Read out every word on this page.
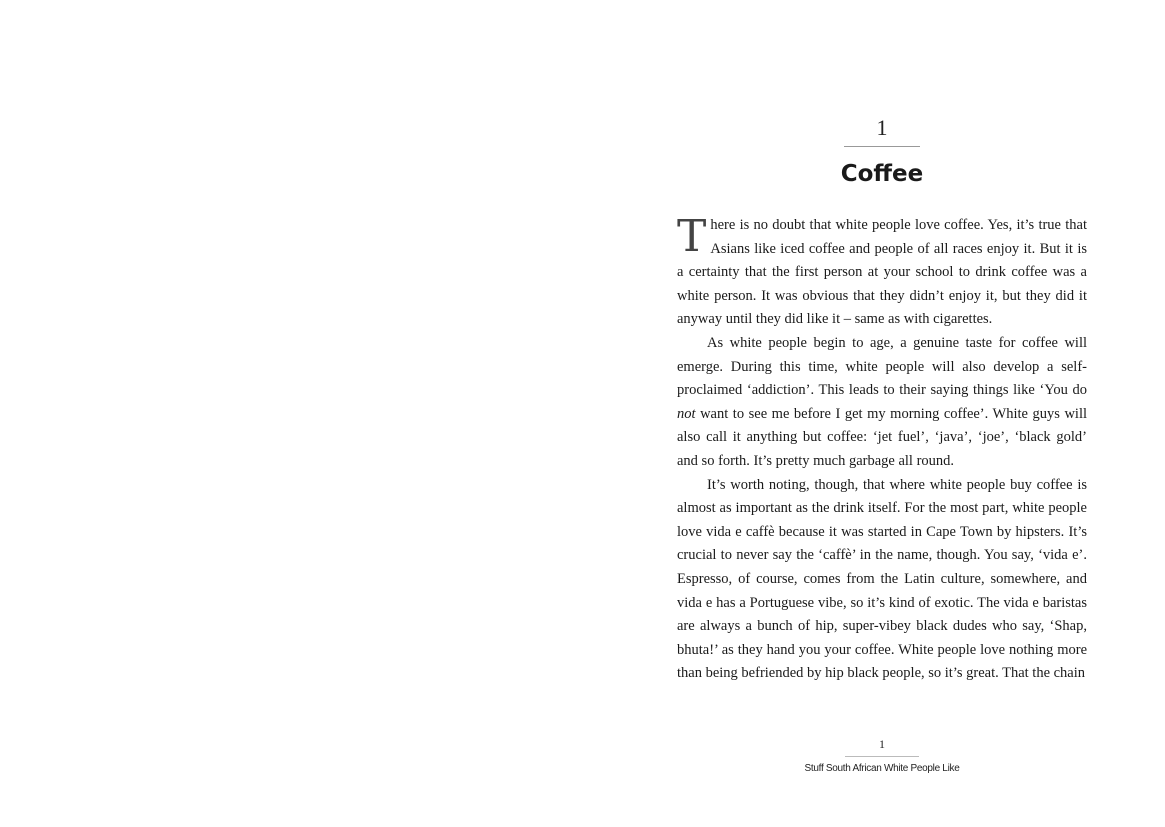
1
Coffee

There is no doubt that white people love coffee. Yes, it’s true that Asians like iced coffee and people of all races enjoy it. But it is a certainty that the first person at your school to drink coffee was a white person. It was obvious that they didn’t enjoy it, but they did it anyway until they did like it – same as with cigarettes.

As white people begin to age, a genuine taste for coffee will emerge. During this time, white people will also develop a self-proclaimed ‘addiction’. This leads to their saying things like ‘You do not want to see me before I get my morning coffee’. White guys will also call it anything but coffee: ‘jet fuel’, ‘java’, ‘joe’, ‘black gold’ and so forth. It’s pretty much garbage all round.

It’s worth noting, though, that where white people buy coffee is almost as important as the drink itself. For the most part, white people love vida e caffè because it was started in Cape Town by hipsters. It’s crucial to never say the ‘caffè’ in the name, though. You say, ‘vida e’. Espresso, of course, comes from the Latin culture, somewhere, and vida e has a Portuguese vibe, so it’s kind of exotic. The vida e baristas are always a bunch of hip, super-vibey black dudes who say, ‘Shap, bhuta!’ as they hand you your coffee. White people love nothing more than being befriended by hip black people, so it’s great. That the chain

1
Stuff South African White People Like
